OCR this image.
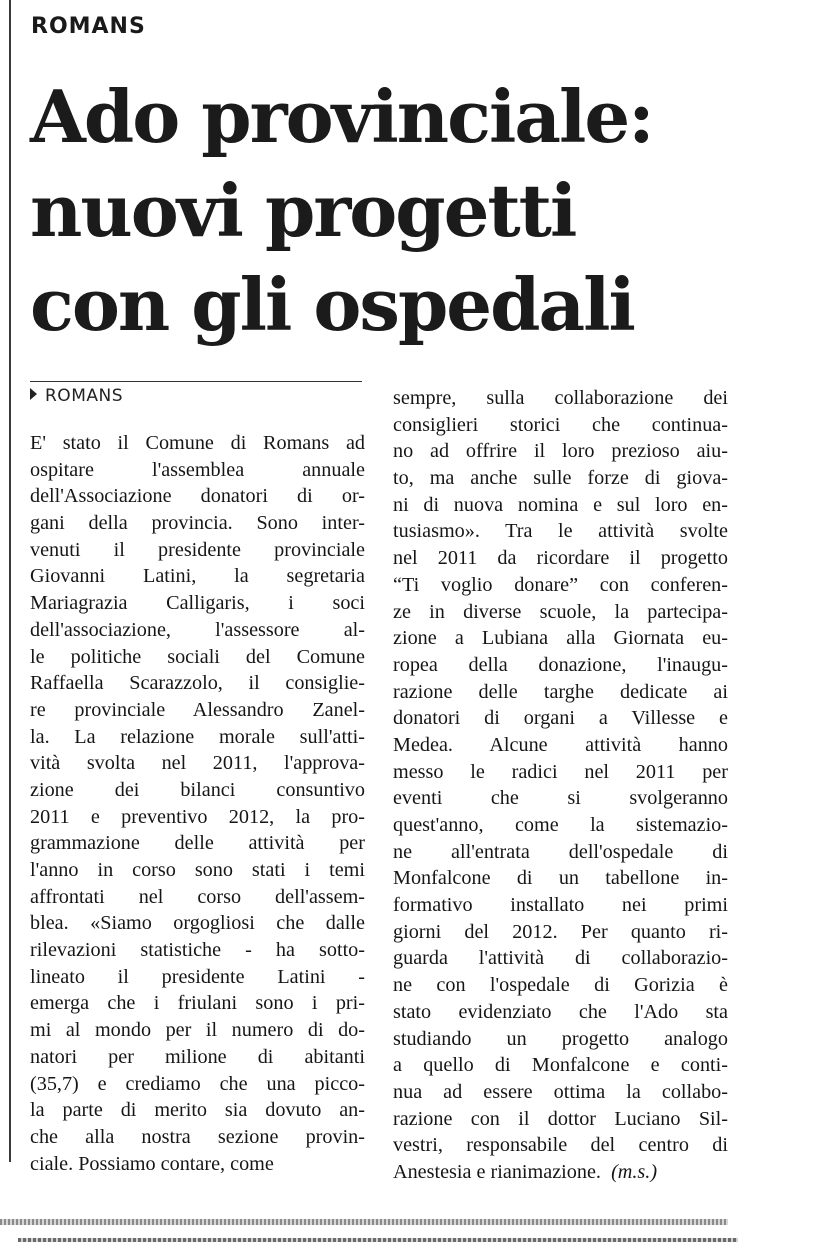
ROMANS
Ado provinciale:
nuovi progetti
con gli ospedali
ROMANS
E' stato il Comune di Romans ad
ospitare l'assemblea annuale
dell'Associazione donatori di or-
gani della provincia. Sono inter-
venuti il presidente provinciale
Giovanni Latini, la segretaria
Mariagrazia Calligaris, i soci
dell'associazione, l'assessore al-
le politiche sociali del Comune
Raffaella Scarazzolo, il consiglie-
re provinciale Alessandro Zanel-
la. La relazione morale sull'atti-
vità svolta nel 2011, l'approva-
zione dei bilanci consuntivo
2011 e preventivo 2012, la pro-
grammazione delle attività per
l'anno in corso sono stati i temi
affrontati nel corso dell'assem-
blea. «Siamo orgogliosi che dalle
rilevazioni statistiche - ha sotto-
lineato il presidente Latini -
emerga che i friulani sono i pri-
mi al mondo per il numero di do-
natori per milione di abitanti
(35,7) e crediamo che una picco-
la parte di merito sia dovuto an-
che alla nostra sezione provin-
ciale. Possiamo contare, come
sempre, sulla collaborazione dei
consiglieri storici che continua-
no ad offrire il loro prezioso aiu-
to, ma anche sulle forze di giova-
ni di nuova nomina e sul loro en-
tusiasmo». Tra le attività svolte
nel 2011 da ricordare il progetto
“Ti voglio donare” con conferen-
ze in diverse scuole, la partecipa-
zione a Lubiana alla Giornata eu-
ropea della donazione, l'inaugu-
razione delle targhe dedicate ai
donatori di organi a Villesse e
Medea. Alcune attività hanno
messo le radici nel 2011 per
eventi che si svolgeranno
quest'anno, come la sistemazio-
ne all'entrata dell'ospedale di
Monfalcone di un tabellone in-
formativo installato nei primi
giorni del 2012. Per quanto ri-
guarda l'attività di collaborazio-
ne con l'ospedale di Gorizia è
stato evidenziato che l'Ado sta
studiando un progetto analogo
a quello di Monfalcone e conti-
nua ad essere ottima la collabo-
razione con il dottor Luciano Sil-
vestri, responsabile del centro di
Anestesia e rianimazione. (m.s.)
